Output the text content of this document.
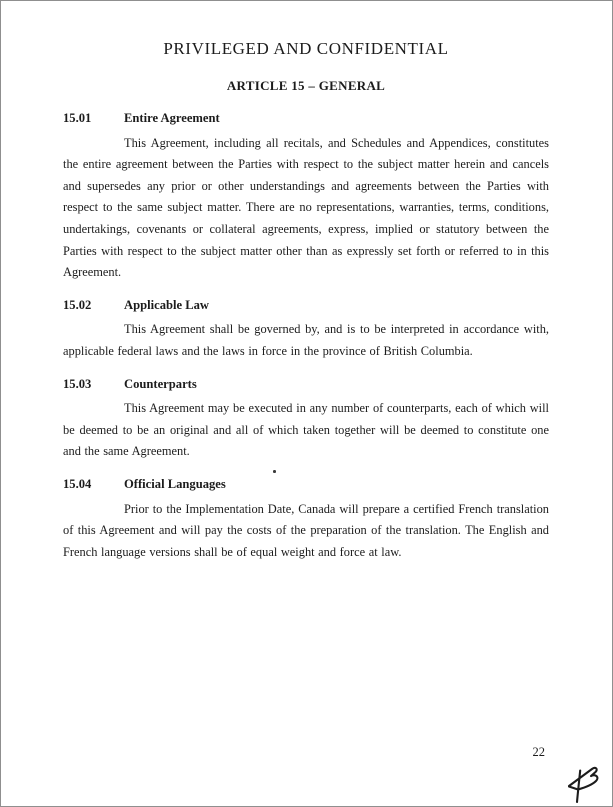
PRIVILEGED AND CONFIDENTIAL
ARTICLE 15 – GENERAL
15.01	Entire Agreement

This Agreement, including all recitals, and Schedules and Appendices, constitutes the entire agreement between the Parties with respect to the subject matter herein and cancels and supersedes any prior or other understandings and agreements between the Parties with respect to the same subject matter. There are no representations, warranties, terms, conditions, undertakings, covenants or collateral agreements, express, implied or statutory between the Parties with respect to the subject matter other than as expressly set forth or referred to in this Agreement.

15.02	Applicable Law

This Agreement shall be governed by, and is to be interpreted in accordance with, applicable federal laws and the laws in force in the province of British Columbia.

15.03	Counterparts

This Agreement may be executed in any number of counterparts, each of which will be deemed to be an original and all of which taken together will be deemed to constitute one and the same Agreement.

15.04	Official Languages

Prior to the Implementation Date, Canada will prepare a certified French translation of this Agreement and will pay the costs of the preparation of the translation. The English and French language versions shall be of equal weight and force at law.

22
